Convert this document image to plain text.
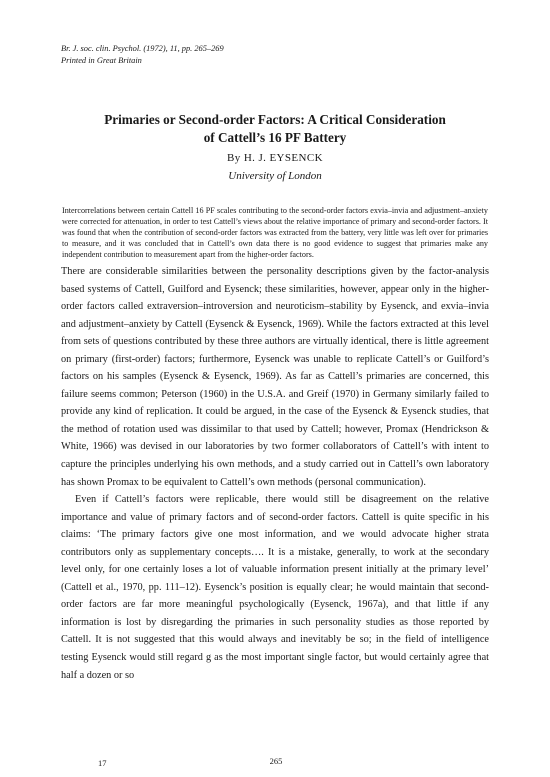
Br. J. soc. clin. Psychol. (1972), 11, pp. 265–269
Printed in Great Britain
Primaries or Second-order Factors: A Critical Consideration
of Cattell’s 16 PF Battery
By H. J. EYSENCK
University of London
Intercorrelations between certain Cattell 16 PF scales contributing to the second-order factors exvia–invia and adjustment–anxiety were corrected for attenuation, in order to test Cattell’s views about the relative importance of primary and second-order factors. It was found that when the contribution of second-order factors was extracted from the battery, very little was left over for primaries to measure, and it was concluded that in Cattell’s own data there is no good evidence to suggest that primaries make any independent contribution to measurement apart from the higher-order factors.

There are considerable similarities between the personality descriptions given by the factor-analysis based systems of Cattell, Guilford and Eysenck; these similarities, however, appear only in the higher-order factors called extraversion–introversion and neuroticism–stability by Eysenck, and exvia–invia and adjustment–anxiety by Cattell (Eysenck & Eysenck, 1969). While the factors extracted at this level from sets of questions contributed by these three authors are virtually identical, there is little agreement on primary (first-order) factors; furthermore, Eysenck was unable to replicate Cattell’s or Guilford’s factors on his samples (Eysenck & Eysenck, 1969). As far as Cattell’s primaries are concerned, this failure seems common; Peterson (1960) in the U.S.A. and Greif (1970) in Germany similarly failed to provide any kind of replication. It could be argued, in the case of the Eysenck & Eysenck studies, that the method of rotation used was dissimilar to that used by Cattell; however, Promax (Hendrickson & White, 1966) was devised in our laboratories by two former collaborators of Cattell’s with intent to capture the principles underlying his own methods, and a study carried out in Cattell’s own laboratory has shown Promax to be equivalent to Cattell’s own methods (personal communication).

Even if Cattell’s factors were replicable, there would still be disagreement on the relative importance and value of primary factors and of second-order factors. Cattell is quite specific in his claims: ‘The primary factors give one most information, and we would advocate higher strata contributors only as supplementary concepts…. It is a mistake, generally, to work at the secondary level only, for one certainly loses a lot of valuable information present initially at the primary level’ (Cattell et al., 1970, pp. 111–12). Eysenck’s position is equally clear; he would maintain that second-order factors are far more meaningful psychologically (Eysenck, 1967a), and that little if any information is lost by disregarding the primaries in such personality studies as those reported by Cattell. It is not suggested that this would always and inevitably be so; in the field of intelligence testing Eysenck would still regard g as the most important single factor, but would certainly agree that half a dozen or so

17	265
